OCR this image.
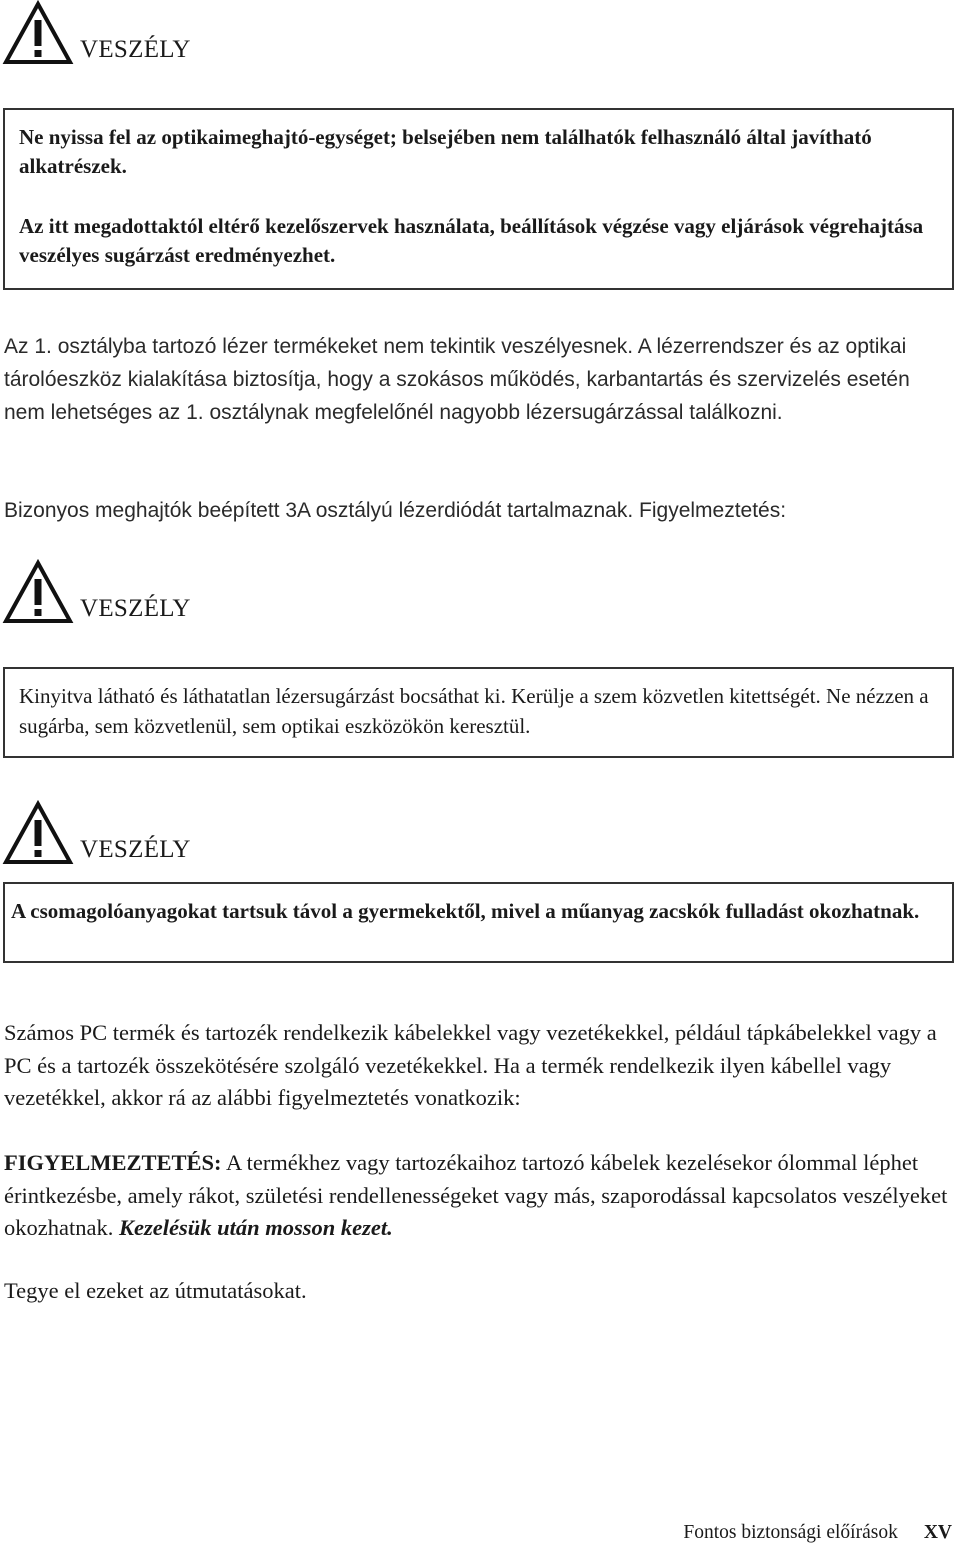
VESZÉLY

Ne nyissa fel az optikaimeghajtó-egységet; belsejében nem találhatók felhasználó által javítható alkatrészek.

Az itt megadottaktól eltérő kezelőszervek használata, beállítások végzése vagy eljárások végrehajtása veszélyes sugárzást eredményezhet.

Az 1. osztályba tartozó lézer termékeket nem tekintik veszélyesnek. A lézerrendszer és az optikai tárolóeszköz kialakítása biztosítja, hogy a szokásos működés, karbantartás és szervizelés esetén nem lehetséges az 1. osztálynak megfelelőnél nagyobb lézersugárzással találkozni.

Bizonyos meghajtók beépített 3A osztályú lézerdiódát tartalmaznak. Figyelmeztetés:

VESZÉLY

Kinyitva látható és láthatatlan lézersugárzást bocsáthat ki. Kerülje a szem közvetlen kitettségét. Ne nézzen a sugárba, sem közvetlenül, sem optikai eszközökön keresztül.

VESZÉLY

A csomagolóanyagokat tartsuk távol a gyermekektől, mivel a műanyag zacskók fulladást okozhatnak.

Számos PC termék és tartozék rendelkezik kábelekkel vagy vezetékekkel, például tápkábelekkel vagy a PC és a tartozék összekötésére szolgáló vezetékekkel. Ha a termék rendelkezik ilyen kábellel vagy vezetékkel, akkor rá az alábbi figyelmeztetés vonatkozik:

FIGYELMEZTETÉS: A termékhez vagy tartozékaihoz tartozó kábelek kezelésekor ólommal léphet érintkezésbe, amely rákot, születési rendellenességeket vagy más, szaporodással kapcsolatos veszélyeket okozhatnak. Kezelésük után mosson kezet.

Tegye el ezeket az útmutatásokat.

Fontos biztonsági előírások XV
